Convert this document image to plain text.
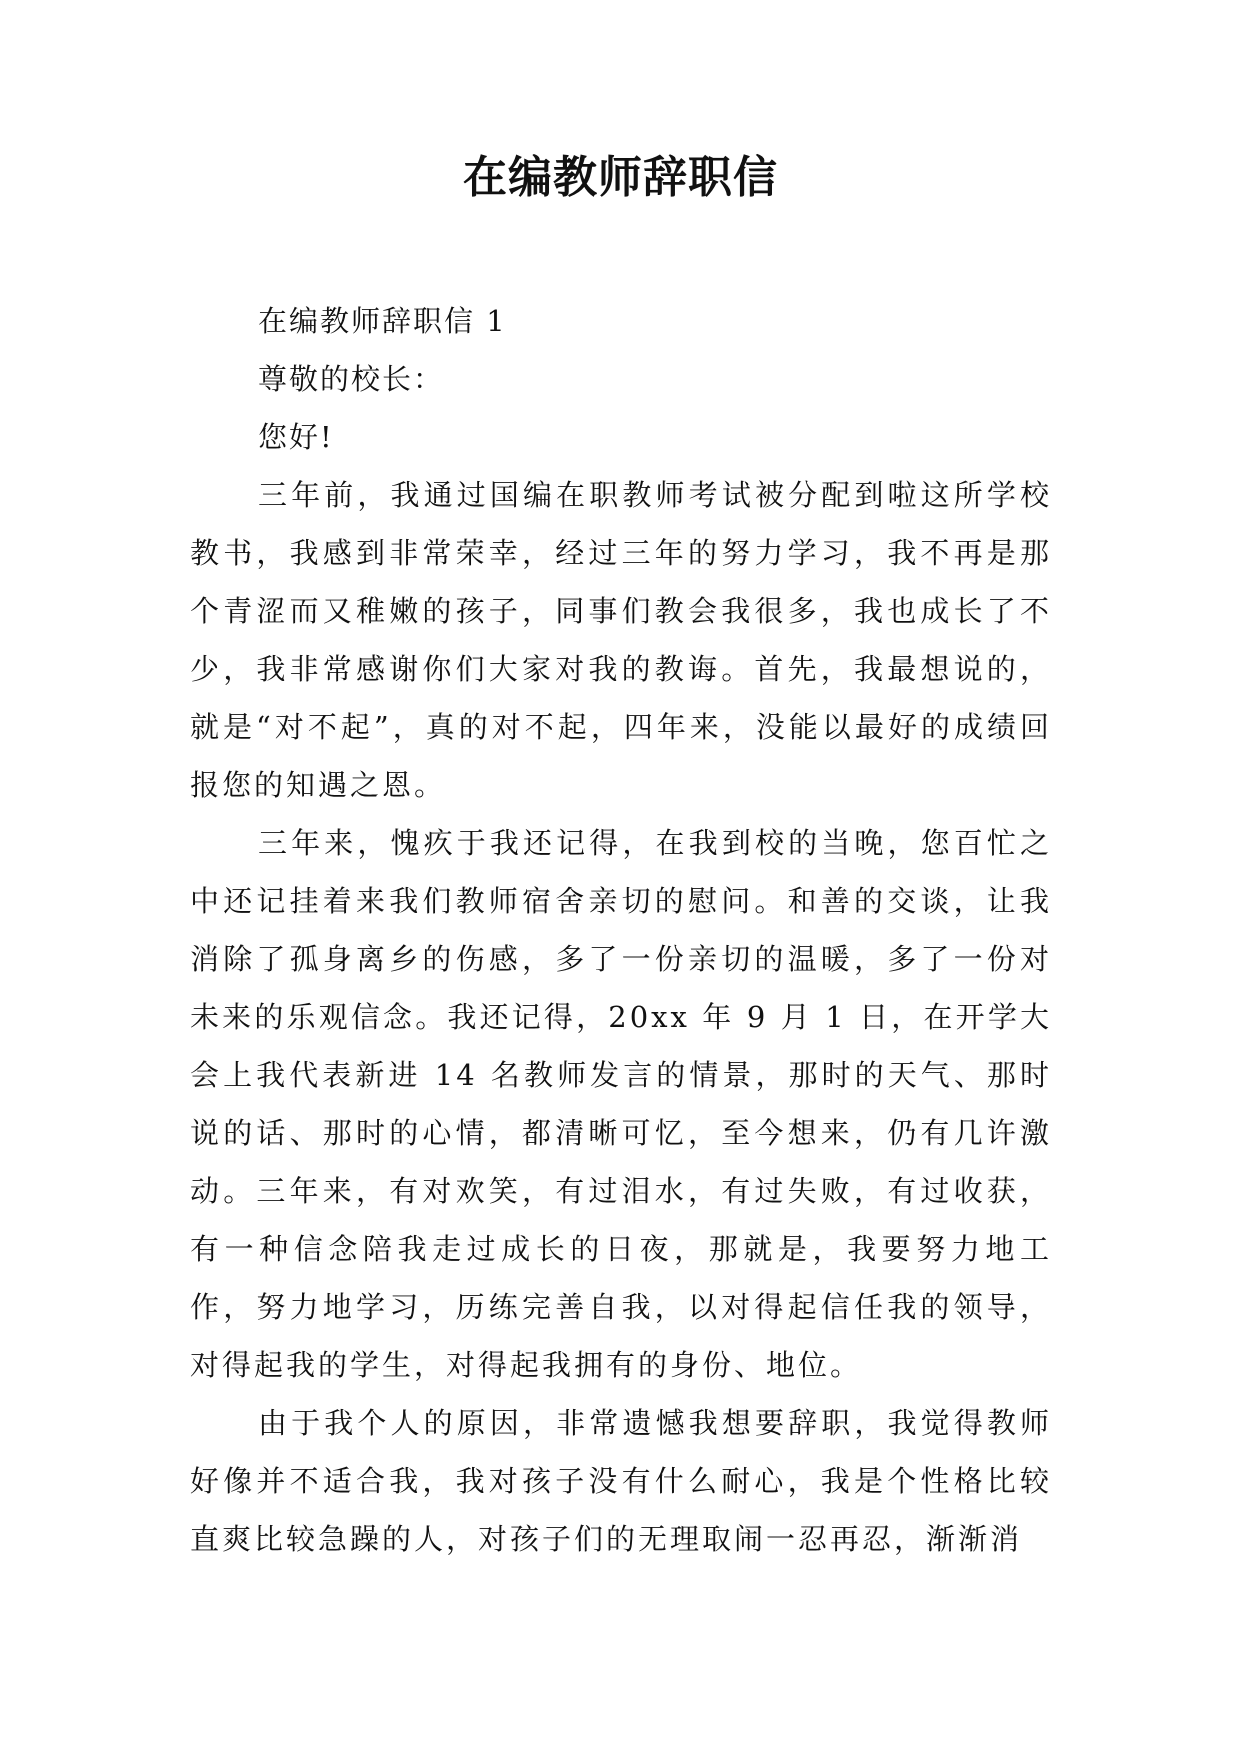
在编教师辞职信

在编教师辞职信 1

尊敬的校长：

您好!

三年前，我通过国编在职教师考试被分配到啦这所学校教书，我感到非常荣幸，经过三年的努力学习，我不再是那个青涩而又稚嫩的孩子，同事们教会我很多，我也成长了不少，我非常感谢你们大家对我的教诲。首先，我最想说的，就是“对不起”，真的对不起，四年来，没能以最好的成绩回报您的知遇之恩。

三年来，愧疚于我还记得，在我到校的当晚，您百忙之中还记挂着来我们教师宿舍亲切的慰问。和善的交谈，让我消除了孤身离乡的伤感，多了一份亲切的温暖，多了一份对未来的乐观信念。我还记得，20xx 年 9 月 1 日，在开学大会上我代表新进 14 名教师发言的情景，那时的天气、那时说的话、那时的心情，都清晰可忆，至今想来，仍有几许激动。三年来，有对欢笑，有过泪水，有过失败，有过收获，有一种信念陪我走过成长的日夜，那就是，我要努力地工作，努力地学习，历练完善自我，以对得起信任我的领导，对得起我的学生，对得起我拥有的身份、地位。

由于我个人的原因，非常遗憾我想要辞职，我觉得教师好像并不适合我，我对孩子没有什么耐心，我是个性格比较直爽比较急躁的人，对孩子们的无理取闹一忍再忍，渐渐消
